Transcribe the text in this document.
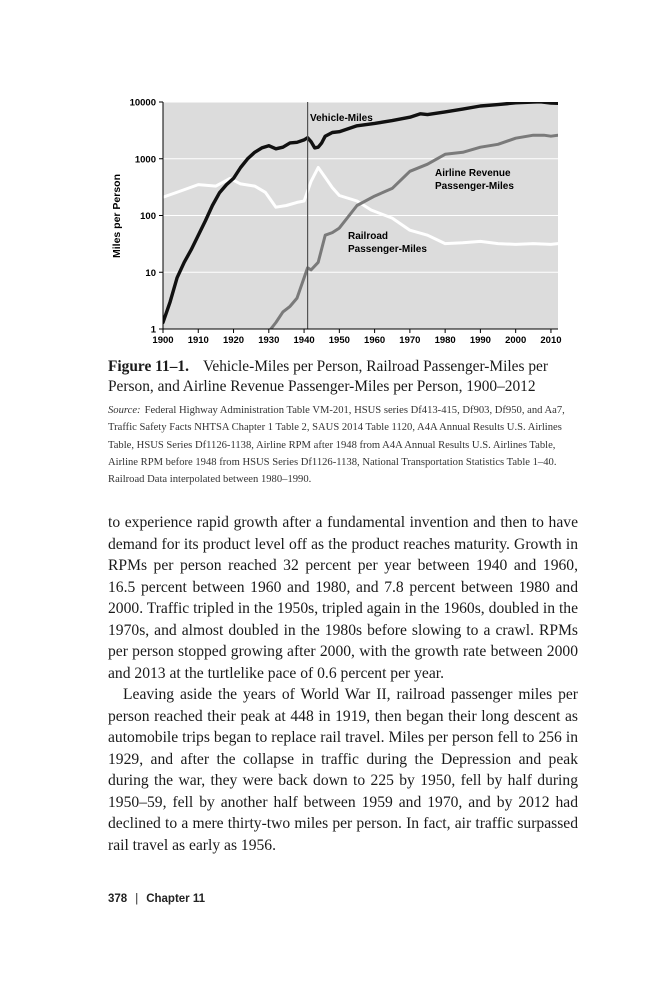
1
10
100
1000
10000
1900 1910 1920 1930 1940 1950 1960 1970 1980 1990 2000 2010
Miles per Person
Vehicle-Miles
Airline Revenue
Passenger-Miles
Railroad
Passenger-Miles

Figure 11–1. Vehicle-Miles per Person, Railroad Passenger-Miles per Person, and Airline Revenue Passenger-Miles per Person, 1900–2012

Source: Federal Highway Administration Table VM-201, HSUS series Df413-415, Df903, Df950, and Aa7, Traffic Safety Facts NHTSA Chapter 1 Table 2, SAUS 2014 Table 1120, A4A Annual Results U.S. Airlines Table, HSUS Series Df1126-1138, Airline RPM after 1948 from A4A Annual Results U.S. Airlines Table, Airline RPM before 1948 from HSUS Series Df1126-1138, National Transportation Statistics Table 1–40. Railroad Data interpolated between 1980–1990.

to experience rapid growth after a fundamental invention and then to have demand for its product level off as the product reaches maturity. Growth in RPMs per person reached 32 percent per year between 1940 and 1960, 16.5 percent between 1960 and 1980, and 7.8 percent between 1980 and 2000. Traffic tripled in the 1950s, tripled again in the 1960s, doubled in the 1970s, and almost doubled in the 1980s before slowing to a crawl. RPMs per person stopped growing after 2000, with the growth rate between 2000 and 2013 at the turtlelike pace of 0.6 percent per year.

Leaving aside the years of World War II, railroad passenger miles per person reached their peak at 448 in 1919, then began their long descent as automobile trips began to replace rail travel. Miles per person fell to 256 in 1929, and after the collapse in traffic during the Depression and peak during the war, they were back down to 225 by 1950, fell by half during 1950–59, fell by another half between 1959 and 1970, and by 2012 had declined to a mere thirty-two miles per person. In fact, air traffic surpassed rail travel as early as 1956.

378 | Chapter 11
